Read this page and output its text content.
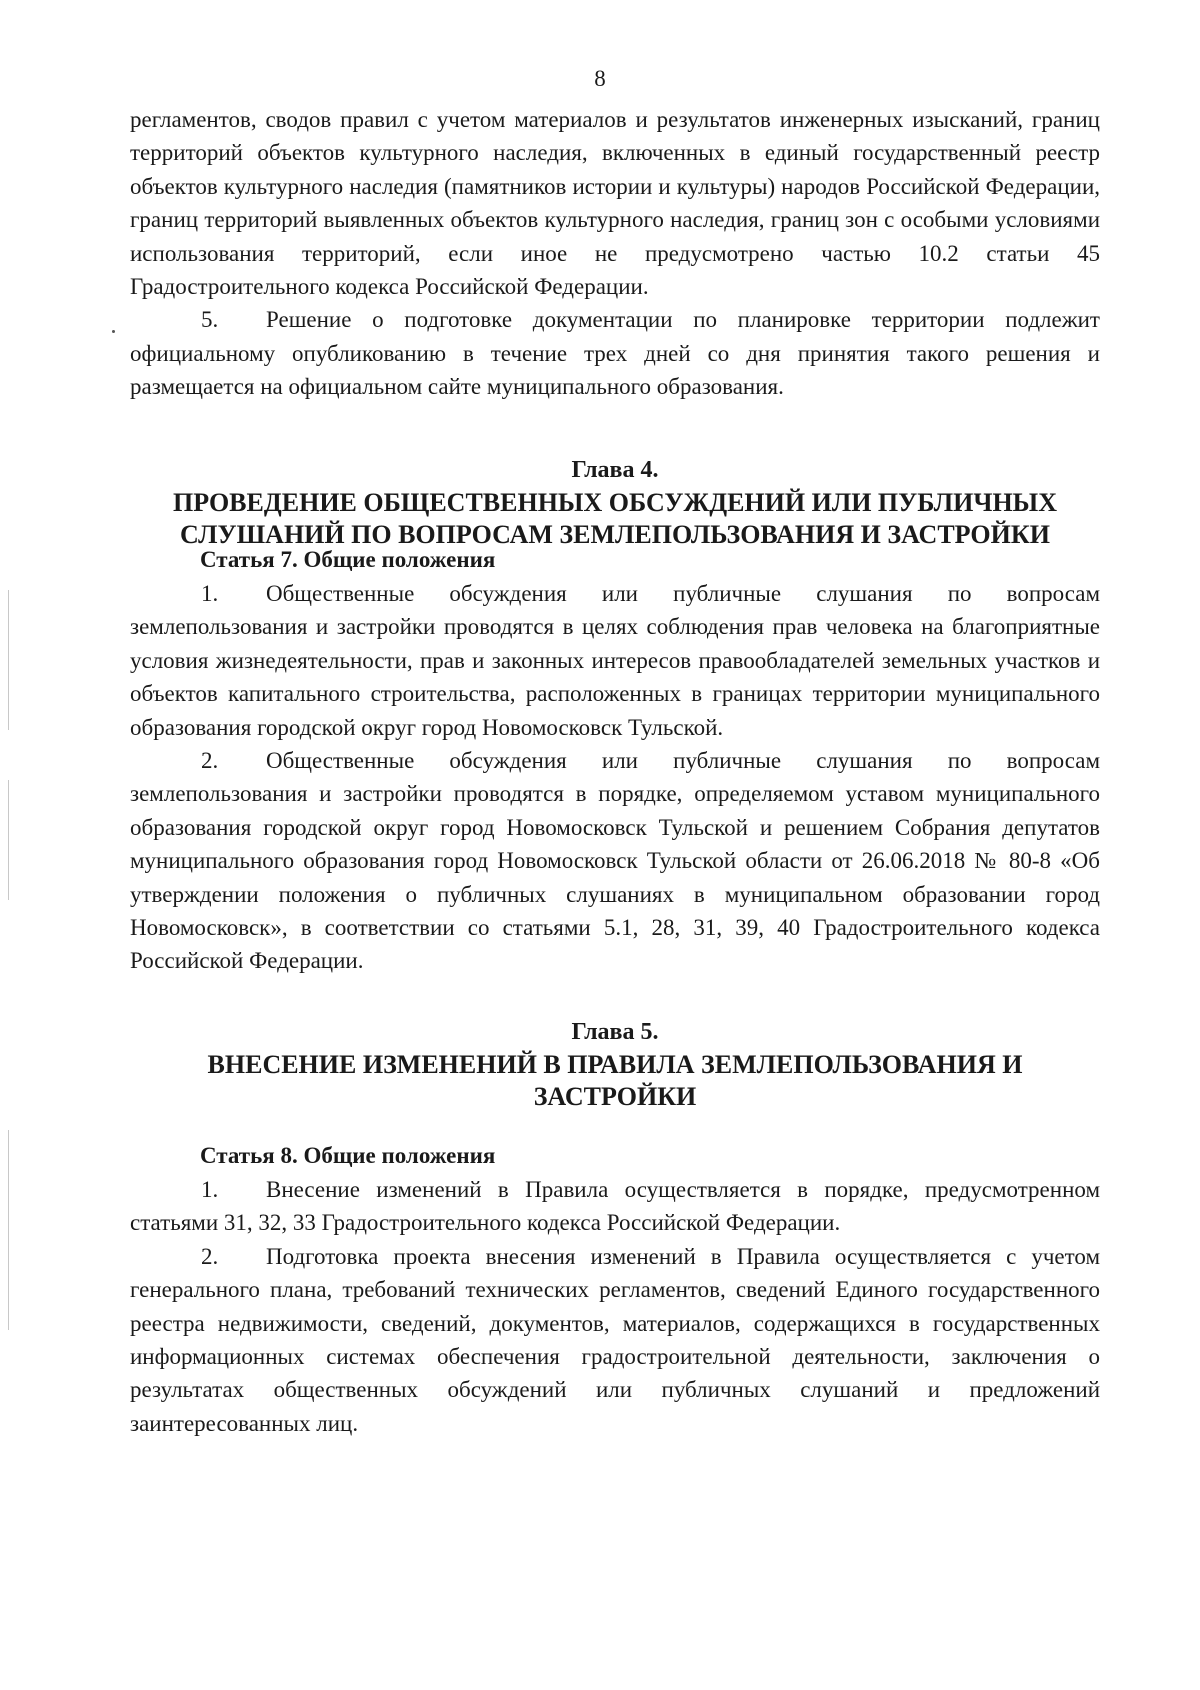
8

регламентов, сводов правил с учетом материалов и результатов инженерных изысканий, границ территорий объектов культурного наследия, включенных в единый государственный реестр объектов культурного наследия (памятников истории и культуры) народов Российской Федерации, границ территорий выявленных объектов культурного наследия, границ зон с особыми условиями использования территорий, если иное не предусмотрено частью 10.2 статьи 45 Градостроительного кодекса Российской Федерации.

5. Решение о подготовке документации по планировке территории подлежит официальному опубликованию в течение трех дней со дня принятия такого решения и размещается на официальном сайте муниципального образования.

Глава 4.
ПРОВЕДЕНИЕ ОБЩЕСТВЕННЫХ ОБСУЖДЕНИЙ ИЛИ ПУБЛИЧНЫХ
СЛУШАНИЙ ПО ВОПРОСАМ ЗЕМЛЕПОЛЬЗОВАНИЯ И ЗАСТРОЙКИ
Статья 7. Общие положения

1. Общественные обсуждения или публичные слушания по вопросам землепользования и застройки проводятся в целях соблюдения прав человека на благоприятные условия жизнедеятельности, прав и законных интересов правообладателей земельных участков и объектов капитального строительства, расположенных в границах территории муниципального образования городской округ город Новомосковск Тульской.

2. Общественные обсуждения или публичные слушания по вопросам землепользования и застройки проводятся в порядке, определяемом уставом муниципального образования городской округ город Новомосковск Тульской и решением Собрания депутатов муниципального образования город Новомосковск Тульской области от 26.06.2018 № 80-8 «Об утверждении положения о публичных слушаниях в муниципальном образовании город Новомосковск», в соответствии со статьями 5.1, 28, 31, 39, 40 Градостроительного кодекса Российской Федерации.

Глава 5.
ВНЕСЕНИЕ ИЗМЕНЕНИЙ В ПРАВИЛА ЗЕМЛЕПОЛЬЗОВАНИЯ И
ЗАСТРОЙКИ
Статья 8. Общие положения

1. Внесение изменений в Правила осуществляется в порядке, предусмотренном статьями 31, 32, 33 Градостроительного кодекса Российской Федерации.

2. Подготовка проекта внесения изменений в Правила осуществляется с учетом генерального плана, требований технических регламентов, сведений Единого государственного реестра недвижимости, сведений, документов, материалов, содержащихся в государственных информационных системах обеспечения градостроительной деятельности, заключения о результатах общественных обсуждений или публичных слушаний и предложений заинтересованных лиц.
